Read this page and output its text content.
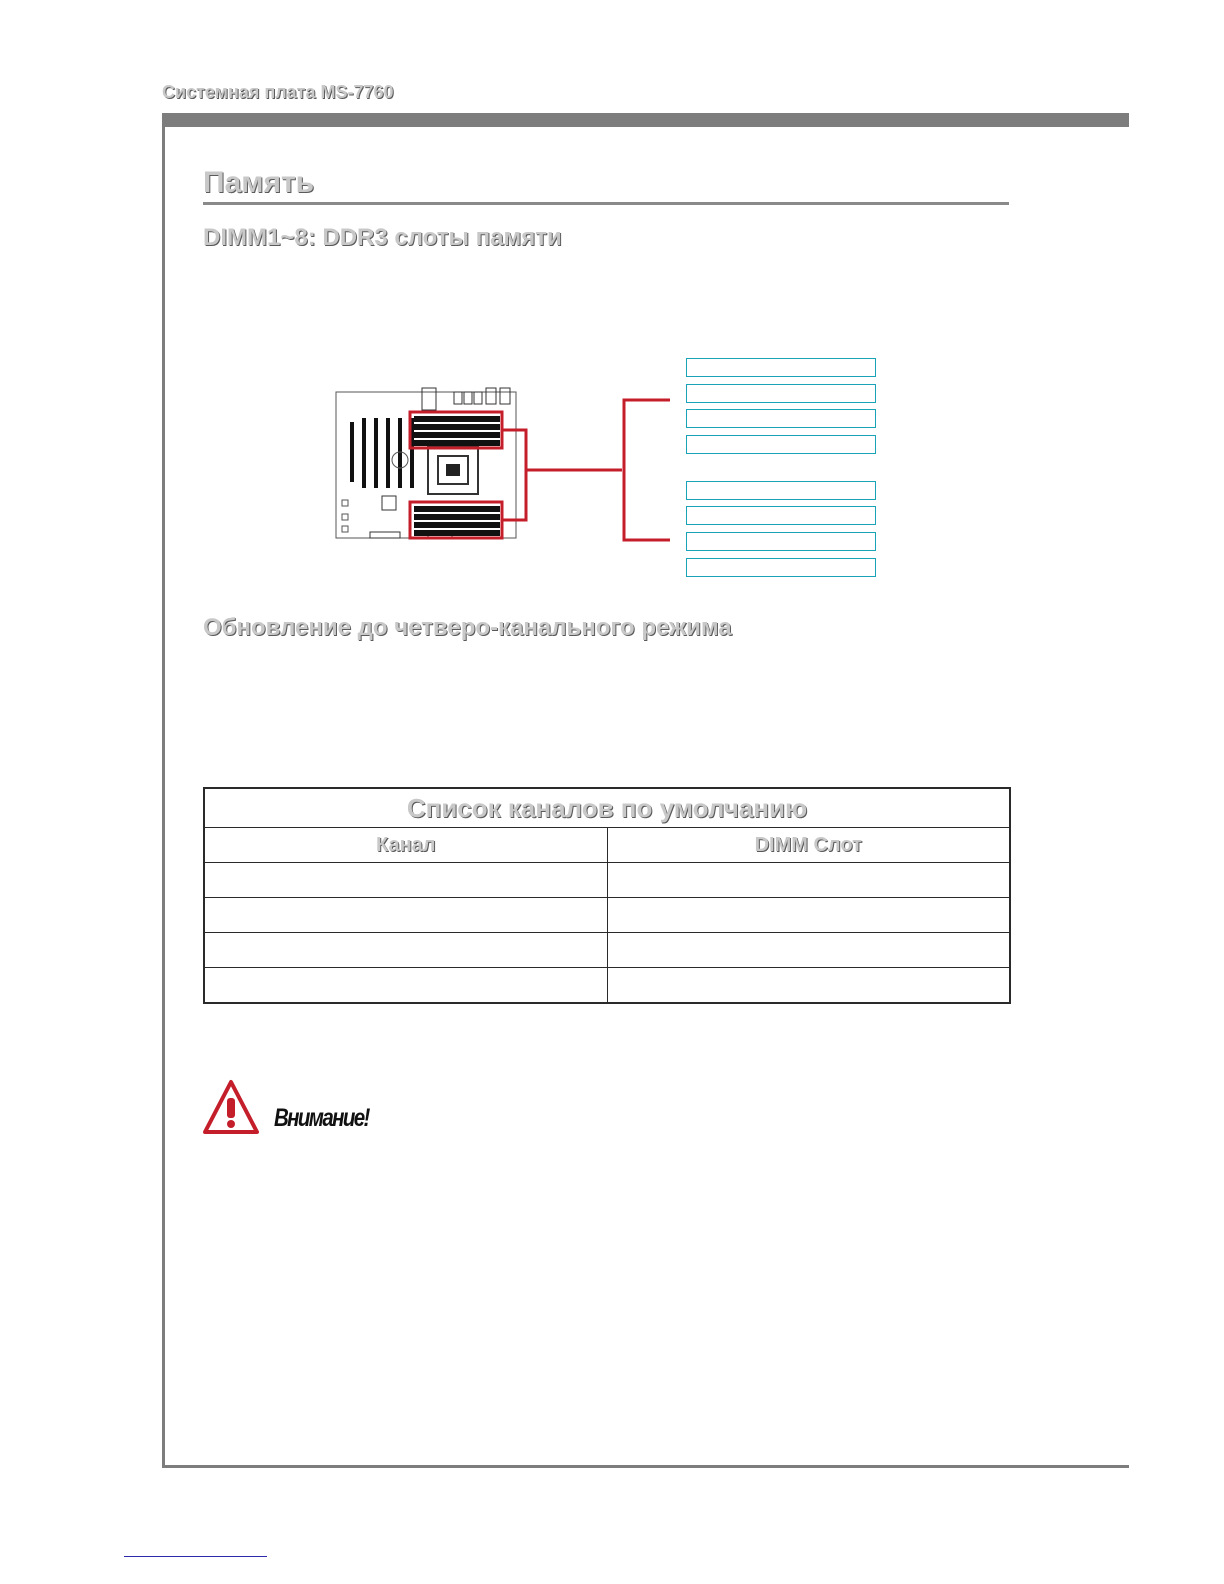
Системная плата MS-7760
Память
DIMM1~8: DDR3 слоты памяти
Обновление до четверо-канального режима
Список каналов по умолчанию	
Канал	DIMM Слот

Внимание!
